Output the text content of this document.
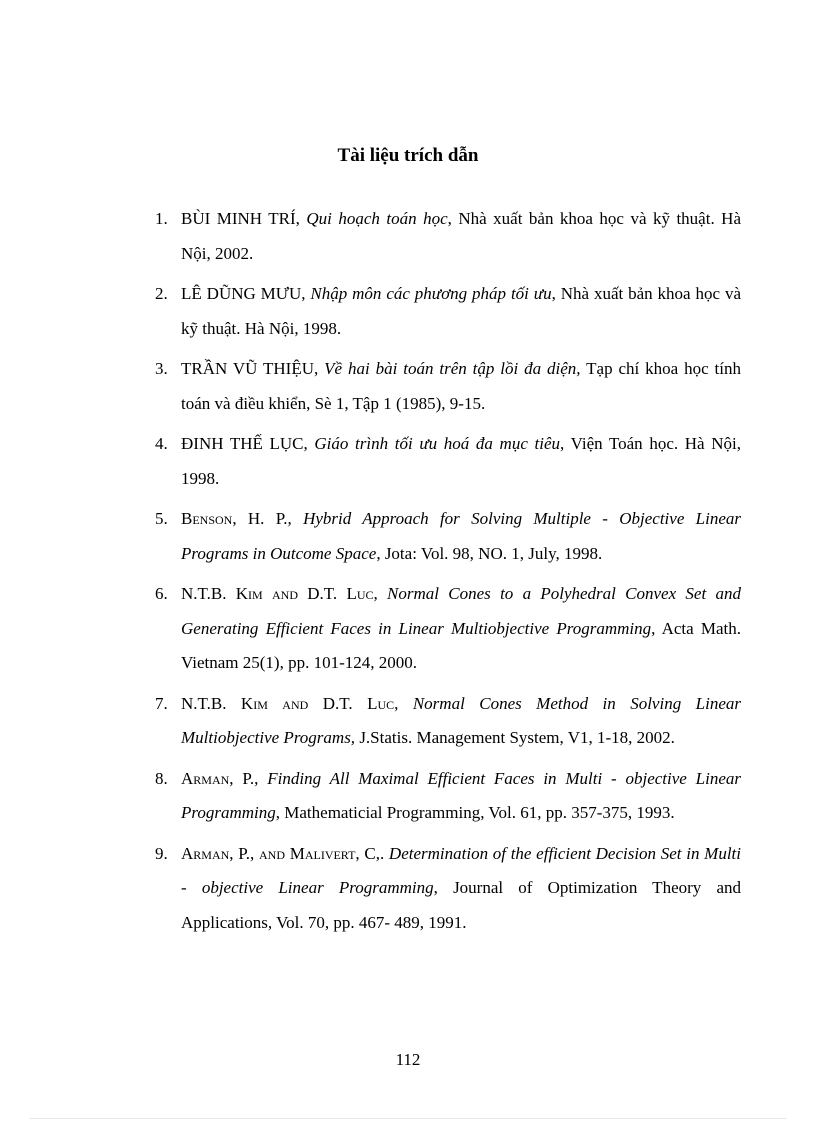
Tài liệu trích dẫn
1. BÙI MINH TRÍ, Qui hoạch toán học, Nhà xuất bản khoa học và kỹ thuật. Hà Nội, 2002.
2. LÊ DŨNG MƯU, Nhập môn các phương pháp tối ưu, Nhà xuất bản khoa học và kỹ thuật. Hà Nội, 1998.
3. TRẦN VŨ THIỆU, Về hai bài toán trên tập lồi đa diện, Tạp chí khoa học tính toán và điều khiển, Sè 1, Tập 1 (1985), 9-15.
4. ĐINH THẾ LỤC, Giáo trình tối ưu hoá đa mục tiêu, Viện Toán học. Hà Nội, 1998.
5. Benson, H. P., Hybrid Approach for Solving Multiple - Objective Linear Programs in Outcome Space, Jota: Vol. 98, NO. 1, July, 1998.
6. N.T.B. Kim and D.T. Luc, Normal Cones to a Polyhedral Convex Set and Generating Efficient Faces in Linear Multiobjective Programming, Acta Math. Vietnam 25(1), pp. 101-124, 2000.
7. N.T.B. Kim and D.T. Luc, Normal Cones Method in Solving Linear Multiobjective Programs, J.Statis. Management System, V1, 1-18, 2002.
8. Arman, P., Finding All Maximal Efficient Faces in Multi - objective Linear Programming, Mathematicial Programming, Vol. 61, pp. 357-375, 1993.
9. Arman, P., and Malivert, C,. Determination of the efficient Decision Set in Multi - objective Linear Programming, Journal of Optimization Theory and Applications, Vol. 70, pp. 467- 489, 1991.
112
